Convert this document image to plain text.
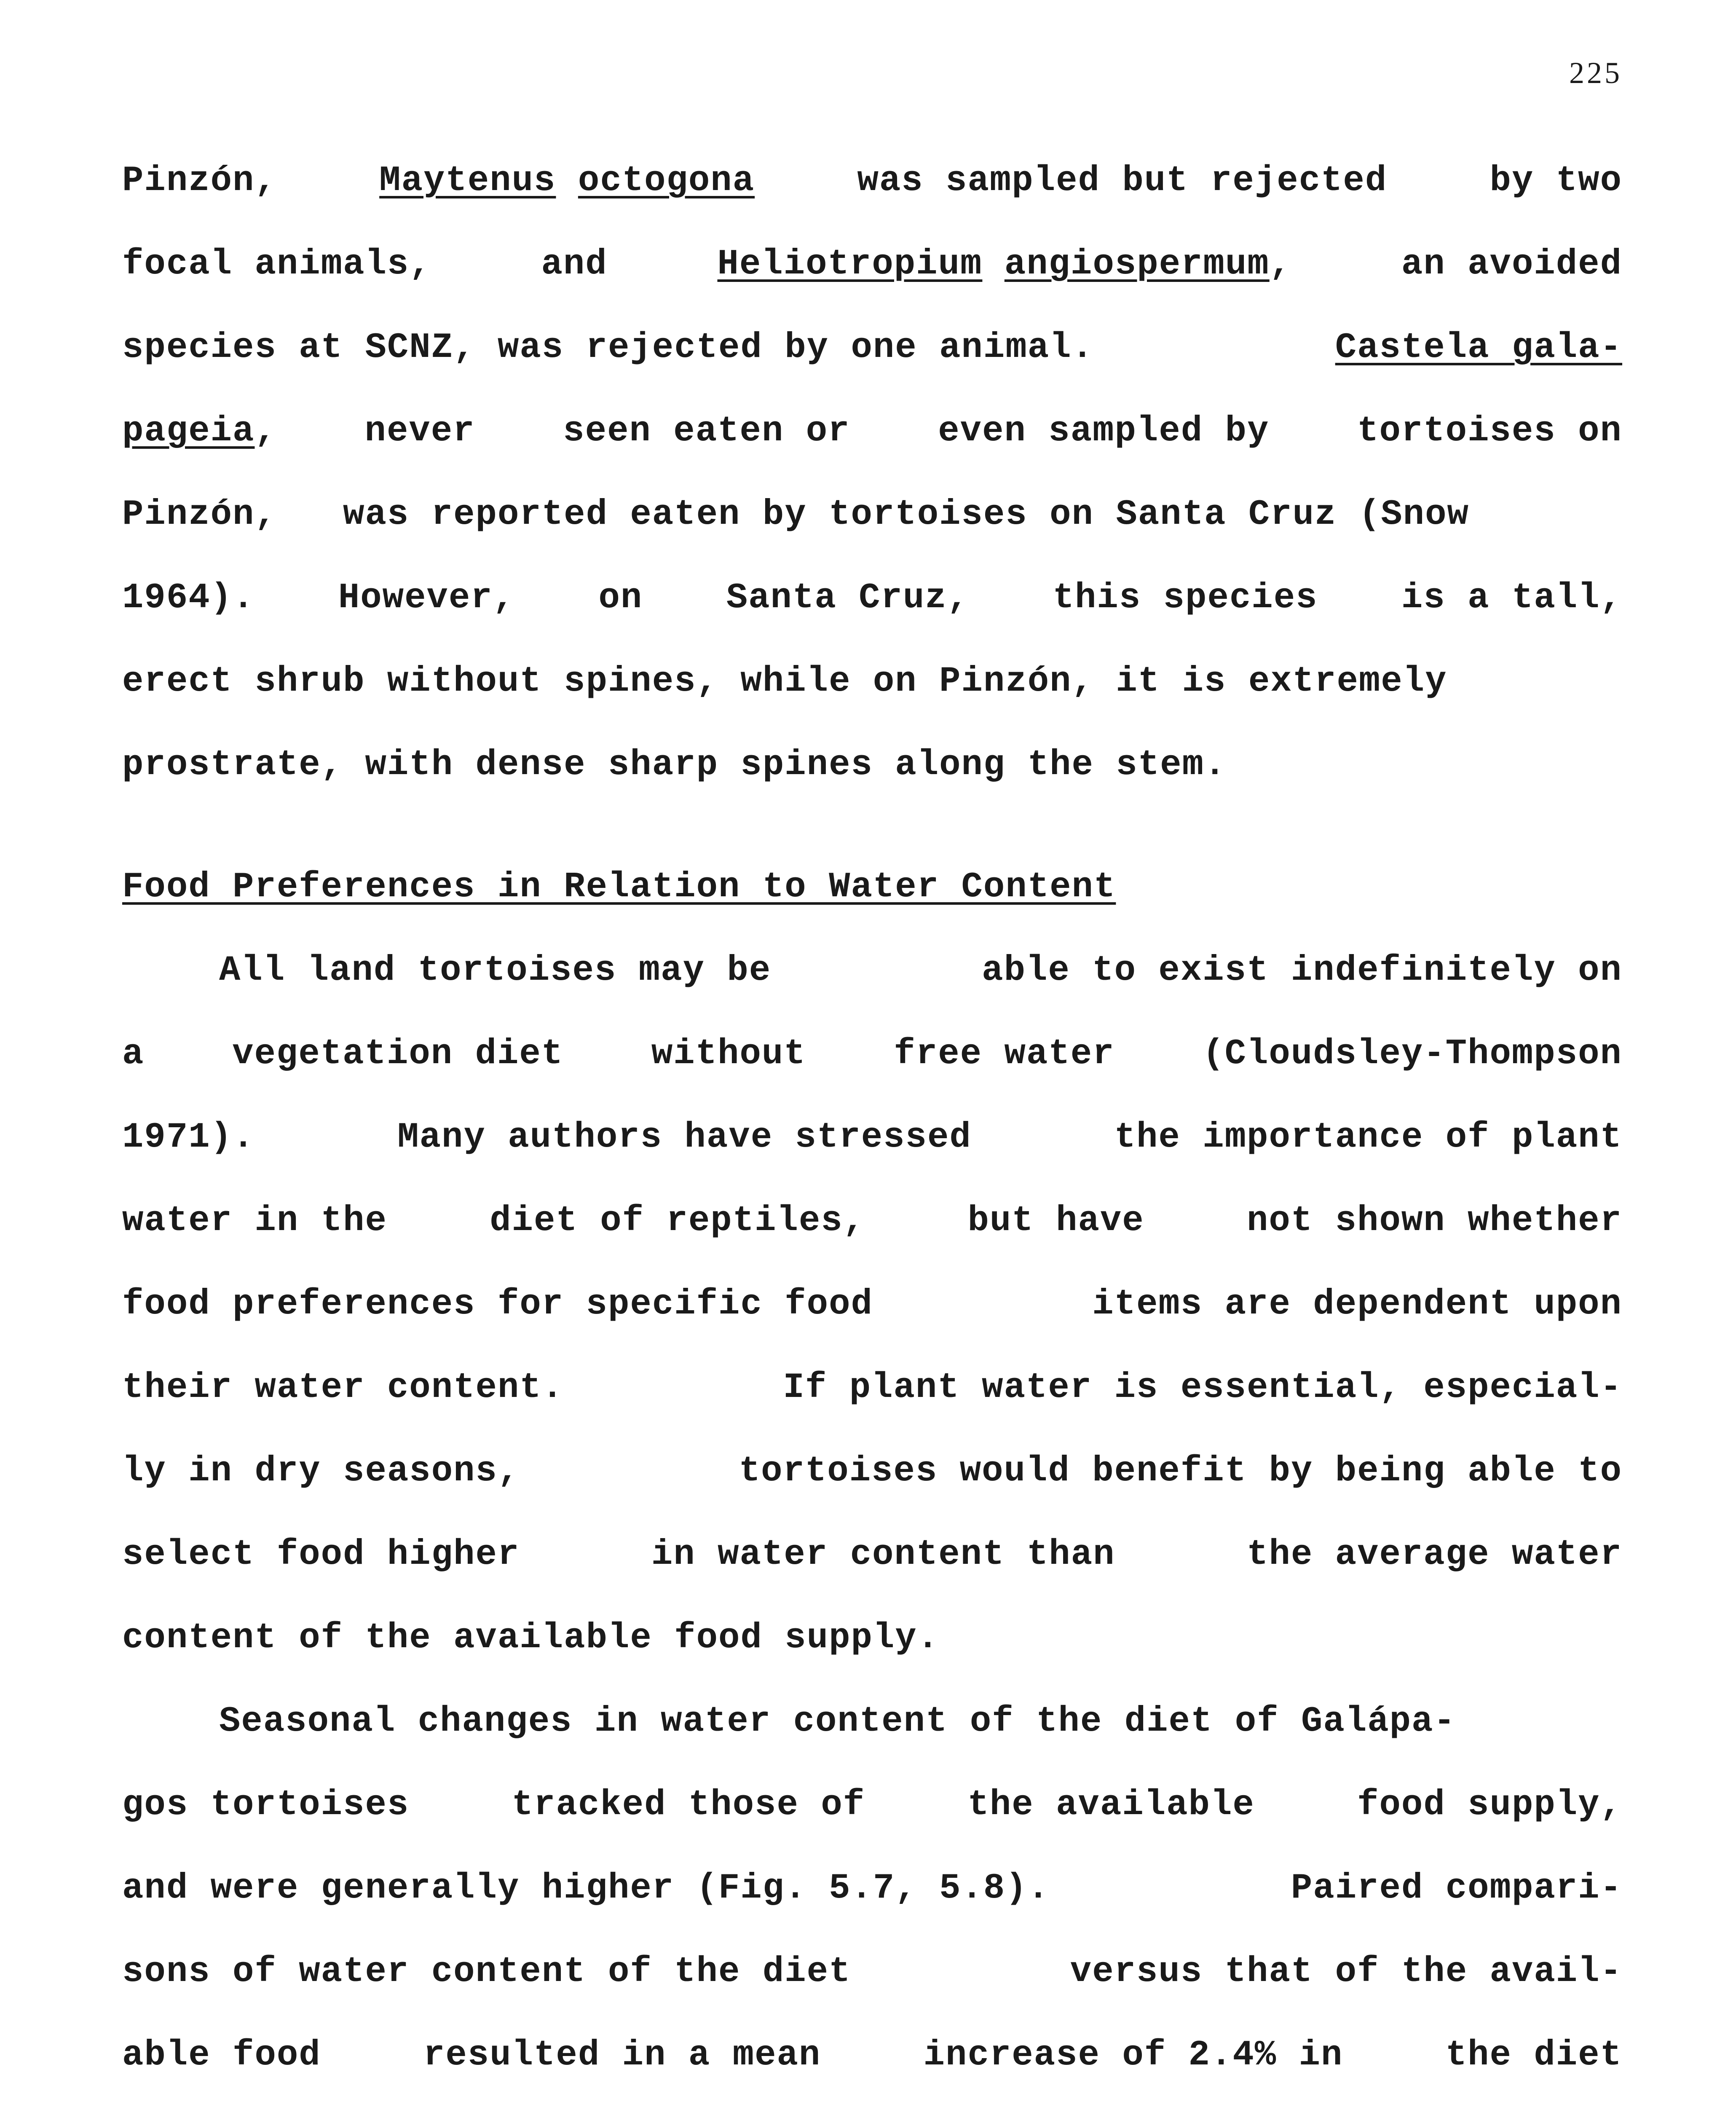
225
Pinzón,	Maytenus octogona	was sampled but rejected	by two
focal animals,	and	Heliotropium angiospermum,	an avoided
species at SCNZ, was rejected by one animal.	Castela gala-
pageia, never seen eaten or even sampled by tortoises on
Pinzón,   was reported eaten by tortoises on Santa Cruz (Snow
1964). However, on Santa Cruz, this species is a tall,
erect shrub without spines, while on Pinzón, it is extremely
prostrate, with dense sharp spines along the stem.
Food Preferences in Relation to Water Content
All land tortoises may be	able to exist indefinitely on
a vegetation diet without free water (Cloudsley-Thompson
1971).	Many authors have stressed	the importance of plant
water in the	diet of reptiles,	but have	not shown whether
food preferences for specific food	items are dependent upon
their water content.	If plant water is essential, especial-
ly in dry seasons,	tortoises would benefit by being able to
select food higher	in water content than	the average water
content of the available food supply.
Seasonal changes in water content of the diet of Galápa-
gos tortoises	tracked those of	the available	food supply,
and were generally higher (Fig. 5.7, 5.8).	Paired compari-
sons of water content of the diet	versus that of the avail-
able food	resulted in a mean	increase of 2.4% in	the diet
